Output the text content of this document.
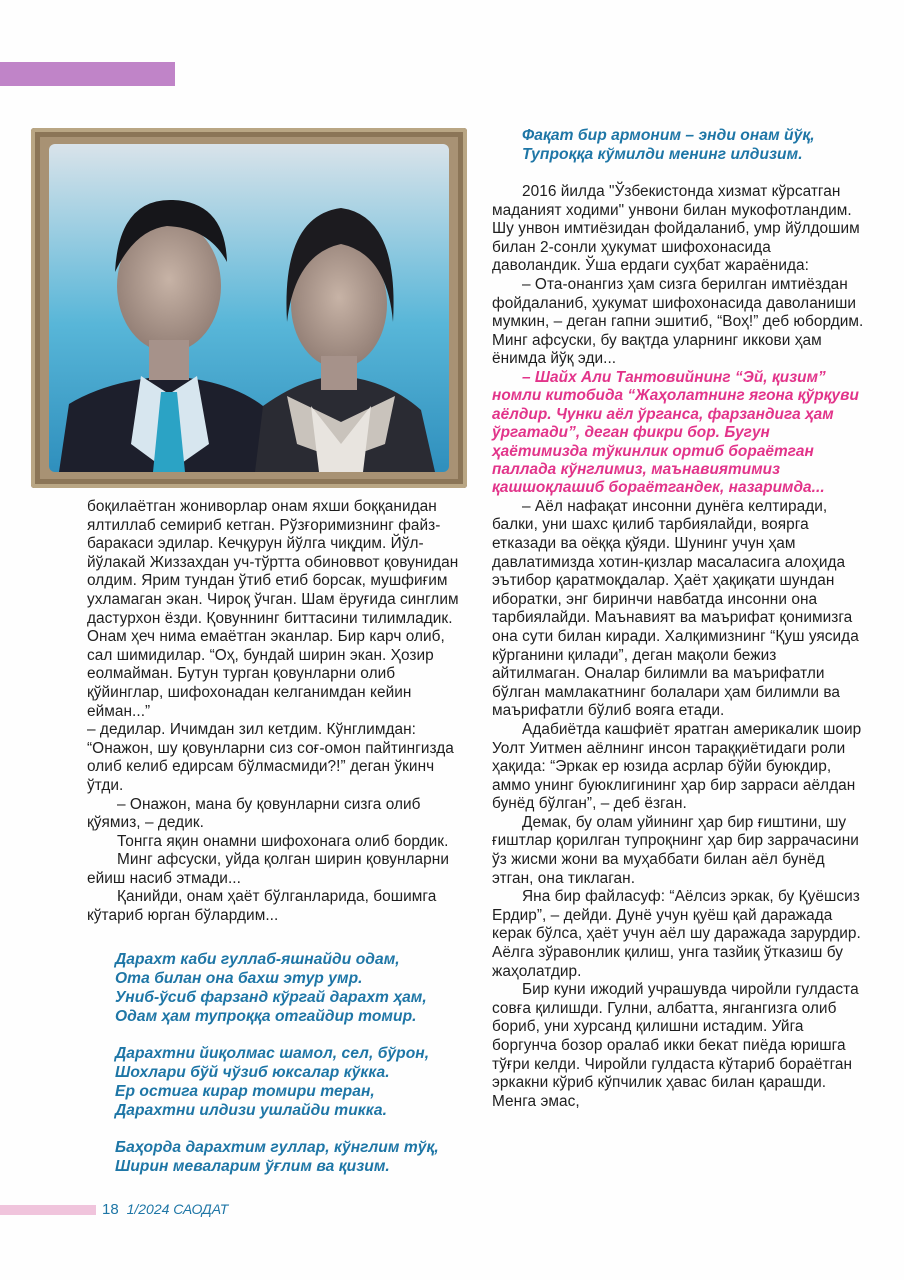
боқилаётган жониворлар онам яхши боққанидан ялтиллаб семириб кетган. Рўзғоримизнинг файз-баракаси эдилар. Кечқурун йўлга чиқдим. Йўл-йўлакай Жиззахдан уч-тўртта обиноввот қовунидан олдим. Ярим тундан ўтиб етиб борсак, мушфиғим ухламаган экан. Чироқ ўчган. Шам ёруғида синглим дастурхон ёзди. Қовуннинг биттасини тилимладик. Онам ҳеч нима емаётган эканлар. Бир карч олиб, сал шимидилар. “Оҳ, бундай ширин экан. Ҳозир еолмайман. Бутун турган қовунларни олиб қўйинглар, шифохонадан келганимдан кейин ейман...”

– дедилар. Ичимдан зил кетдим. Кўнглимдан: “Онажон, шу қовунларни сиз соғ-омон пайтингизда олиб келиб едирсам бўлмасмиди?!” деган ўкинч ўтди.

– Онажон, мана бу қовунларни сизга олиб қўямиз, – дедик.

Тонгга яқин онамни шифохонага олиб бордик.

Минг афсуски, уйда қолган ширин қовунларни ейиш насиб этмади...

Қанийди, онам ҳаёт бўлганларида, бошимга кўтариб юрган бўлардим...

Дарахт каби гуллаб-яшнайди одам,
Ота билан она бахш этур умр.
Униб-ўсиб фарзанд кўргай дарахт ҳам,
Одам ҳам тупроққа отгайдир томир.
Дарахтни йиқолмас шамол, сел, бўрон,
Шохлари бўй чўзиб юксалар кўкка.
Ер остига кирар томири теран,
Дарахтни илдизи ушлайди тикка.
Баҳорда дарахтим гуллар, кўнглим тўқ,
Ширин меваларим ўғлим ва қизим.
Фақат бир армоним – энди онам йўқ,
Тупроққа кўмилди менинг илдизим.

2016 йилда "Ўзбекистонда хизмат кўрсатган маданият ходими" унвони билан мукофотландим. Шу унвон имтиёзидан фойдаланиб, умр йўлдошим билан 2-сонли ҳукумат шифохонасида даволандик. Ўша ердаги суҳбат жараёнида:

– Ота-онангиз ҳам сизга берилган имтиёздан фойдаланиб, ҳукумат шифохонасида даволаниши мумкин, – деган гапни эшитиб, “Воҳ!” деб юбордим. Минг афсуски, бу вақтда уларнинг иккови ҳам ёнимда йўқ эди...

– Шайх Али Тантовийнинг “Эй, қизим” номли китобида “Жаҳолатнинг ягона қўрқуви аёлдир. Чунки аёл ўрганса, фарзандига ҳам ўргатади”, деган фикри бор. Бугун ҳаётимизда тўкинлик ортиб бораётган паллада кўнглимиз, маънавиятимиз қашшоқлашиб бораётгандек, назаримда...

– Аёл нафақат инсонни дунёга келтиради, балки, уни шахс қилиб тарбиялайди, воярга етказади ва оёққа қўяди. Шунинг учун ҳам давлатимизда хотин-қизлар масаласига алоҳида эътибор қаратмоқдалар. Ҳаёт ҳақиқати шундан иборатки, энг биринчи навбатда инсонни она тарбиялайди. Маънавият ва маърифат қонимизга она сути билан киради. Халқимизнинг “Қуш уясида кўрганини қилади”, деган мақоли бежиз айтилмаган. Оналар билимли ва маърифатли бўлган мамлакатнинг болалари ҳам билимли ва маърифатли бўлиб вояга етади.

Адабиётда кашфиёт яратган америкалик шоир Уолт Уитмен аёлнинг инсон тараққиётидаги роли ҳақида: “Эркак ер юзида асрлар бўйи буюкдир, аммо унинг буюклигининг ҳар бир зарраси аёлдан бунёд бўлган”, – деб ёзган.

Демак, бу олам уйининг ҳар бир ғиштини, шу ғиштлар қорилган тупроқнинг ҳар бир заррачасини ўз жисми жони ва муҳаббати билан аёл бунёд этган, она тиклаган.

Яна бир файласуф: “Аёлсиз эркак, бу Қуёшсиз Ердир”, – дейди. Дунё учун қуёш қай даражада керак бўлса, ҳаёт учун аёл шу даражада зарурдир. Аёлга зўравонлик қилиш, унга тазйиқ ўтказиш бу жаҳолатдир.

Бир куни ижодий учрашувда чиройли гулдаста совға қилишди. Гулни, албатта, янгангизга олиб бориб, уни хурсанд қилишни истадим. Уйга боргунча бозор оралаб икки бекат пиёда юришга тўғри келди. Чиройли гулдаста кўтариб бораётган эркакни кўриб кўпчилик ҳавас билан қарашди. Менга эмас,

18 1/2024 САОДАТ
